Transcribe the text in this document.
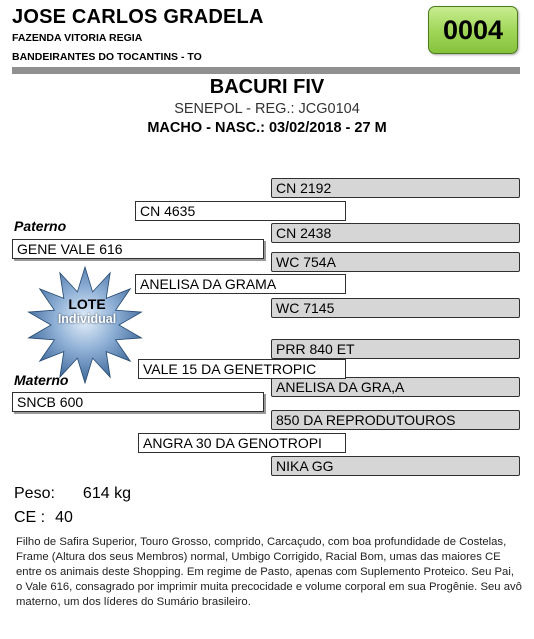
JOSE CARLOS GRADELA
FAZENDA VITORIA REGIA
BANDEIRANTES DO TOCANTINS - TO
0004
BACURI FIV
SENEPOL - REG.: JCG0104
MACHO - NASC.: 03/02/2018 - 27 M
CN 2192
CN 2438
WC 754A
WC 7145
PRR 840 ET
ANELISA DA GRA,A
850 DA REPRODUTOUROS
NIKA GG
CN 4635
ANELISA DA GRAMA
VALE 15 DA GENETROPIC
ANGRA 30 DA GENOTROPI
Paterno
GENE VALE 616
Materno
SNCB 600
LOTE
Individual
Peso: 614 kg
CE : 40
Filho de Safira Superior, Touro Grosso, comprido, Carcaçudo, com boa profundidade de Costelas, Frame (Altura dos seus Membros) normal, Umbigo Corrigido, Racial Bom, umas das maiores CE entre os animais deste Shopping. Em regime de Pasto, apenas com Suplemento Proteico. Seu Pai, o Vale 616, consagrado por imprimir muita precocidade e volume corporal em sua Progênie. Seu avô materno, um dos líderes do Sumário brasileiro.
